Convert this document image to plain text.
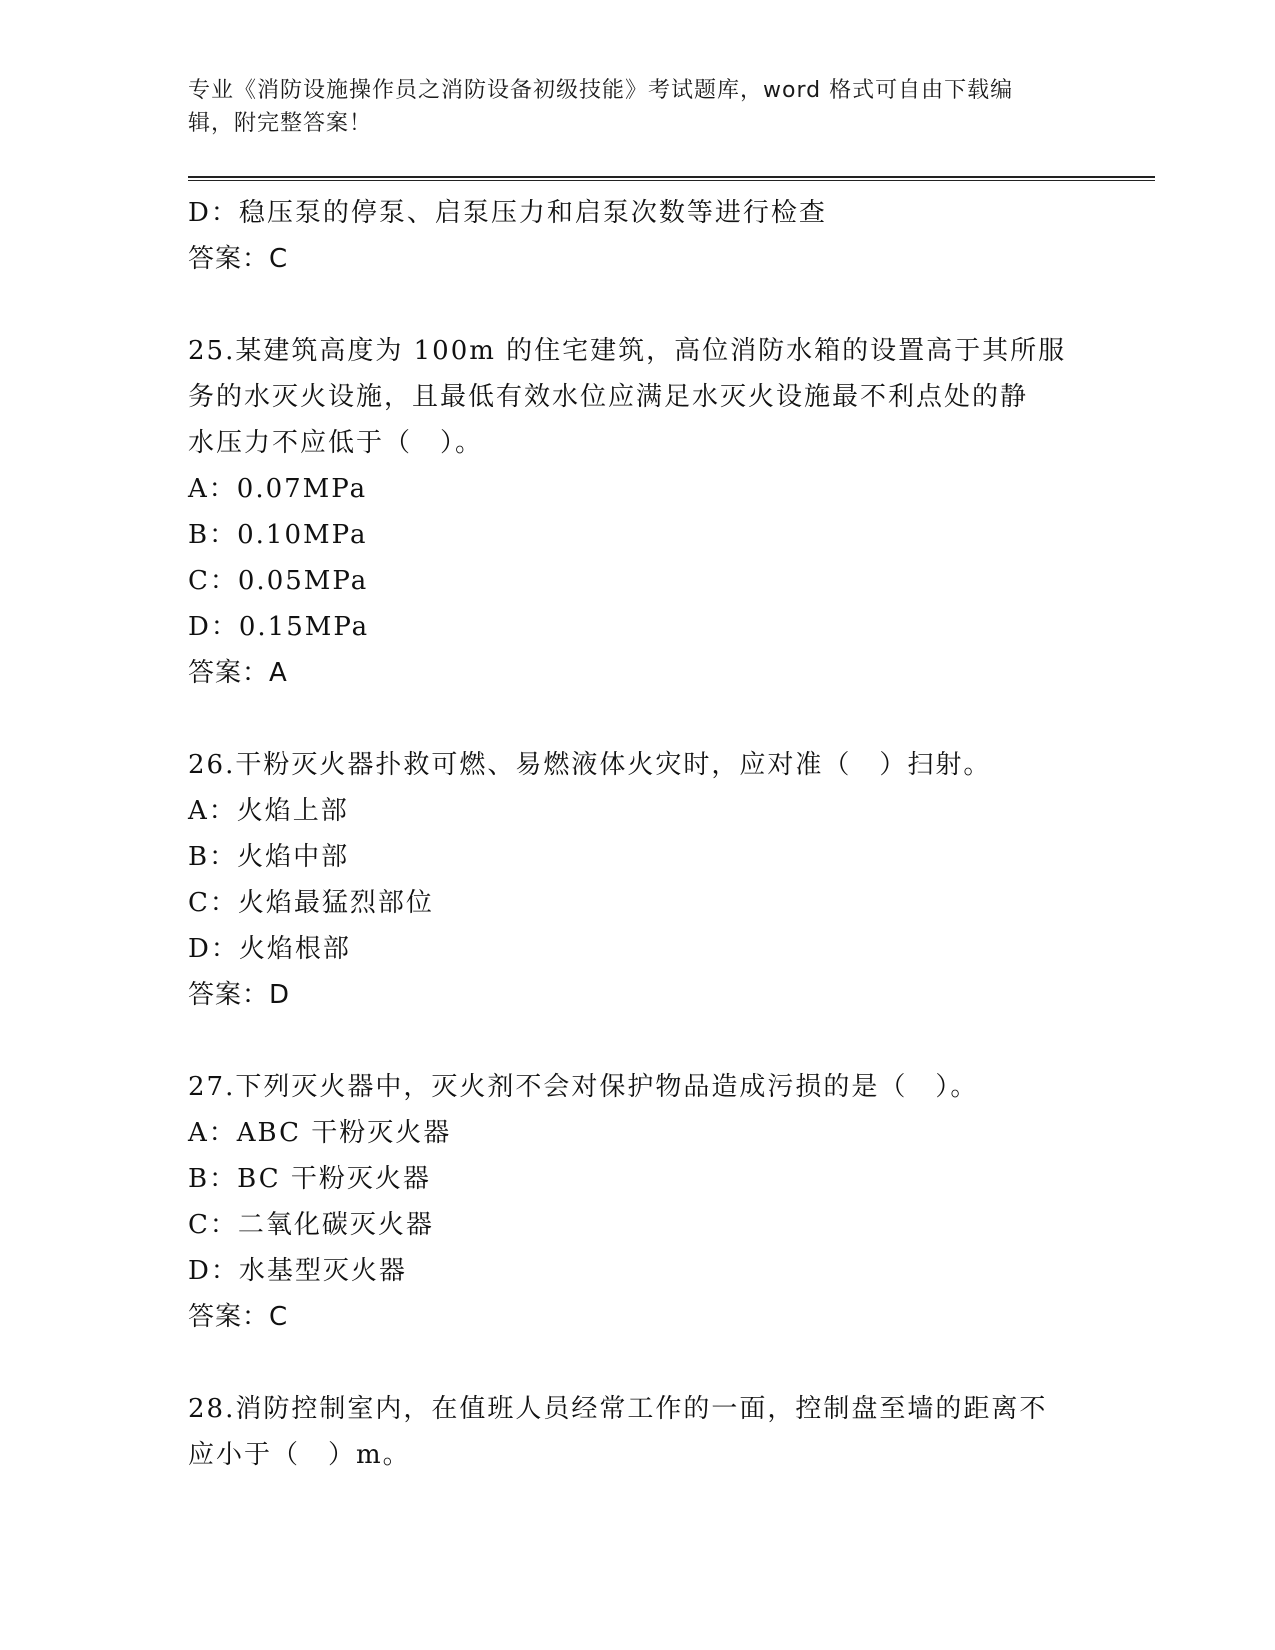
专业《消防设施操作员之消防设备初级技能》考试题库，word 格式可自由下载编
辑，附完整答案！
D：稳压泵的停泵、启泵压力和启泵次数等进行检查
答案：C
25.某建筑高度为 100m 的住宅建筑，高位消防水箱的设置高于其所服
务的水灭火设施，且最低有效水位应满足水灭火设施最不利点处的静
水压力不应低于（　）。
A：0.07MPa
B：0.10MPa
C：0.05MPa
D：0.15MPa
答案：A
26.干粉灭火器扑救可燃、易燃液体火灾时，应对准（　）扫射。
A：火焰上部
B：火焰中部
C：火焰最猛烈部位
D：火焰根部
答案：D
27.下列灭火器中，灭火剂不会对保护物品造成污损的是（　）。
A：ABC 干粉灭火器
B：BC 干粉灭火器
C：二氧化碳灭火器
D：水基型灭火器
答案：C
28.消防控制室内，在值班人员经常工作的一面，控制盘至墙的距离不
应小于（　）m。
